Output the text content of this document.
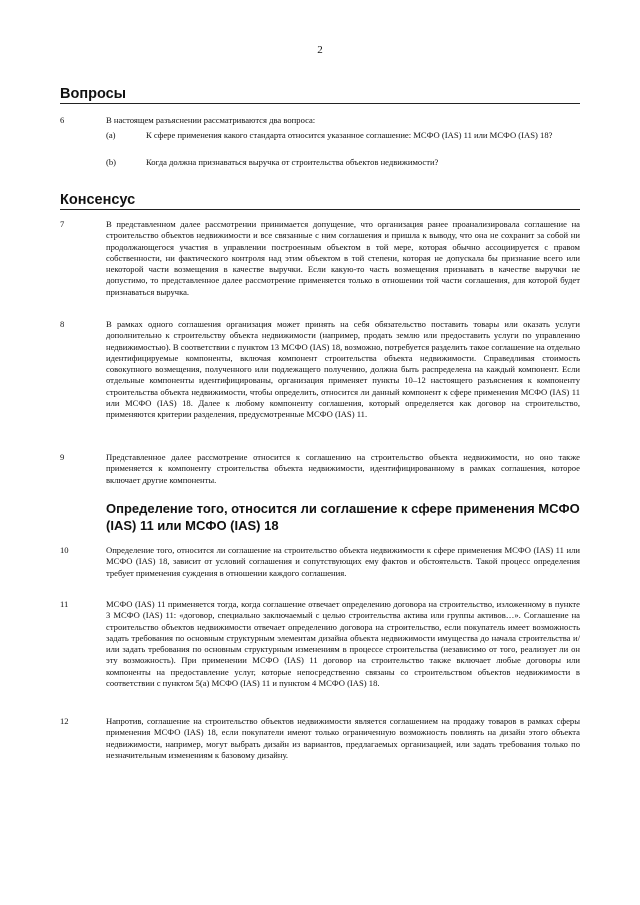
2
Вопросы
6	В настоящем разъяснении рассматриваются два вопроса:
(a)	К сфере применения какого стандарта относится указанное соглашение: МСФО (IAS) 11 или МСФО (IAS) 18?
(b)	Когда должна признаваться выручка от строительства объектов недвижимости?
Консенсус
7	В представленном далее рассмотрении принимается допущение, что организация ранее проанализировала соглашение на строительство объектов недвижимости и все связанные с ним соглашения и пришла к выводу, что она не сохранит за собой ни продолжающегося участия в управлении построенным объектом в той мере, которая обычно ассоциируется с правом собственности, ни фактического контроля над этим объектом в той степени, которая не допускала бы признание всего или некоторой части возмещения в качестве выручки. Если какую-то часть возмещения признавать в качестве выручки не допустимо, то представленное далее рассмотрение применяется только в отношении той части соглашения, для которой будет признаваться выручка.
8	В рамках одного соглашения организация может принять на себя обязательство поставить товары или оказать услуги дополнительно к строительству объекта недвижимости (например, продать землю или предоставить услуги по управлению недвижимостью). В соответствии с пунктом 13 МСФО (IAS) 18, возможно, потребуется разделить такое соглашение на отдельно идентифицируемые компоненты, включая компонент строительства объекта недвижимости. Справедливая стоимость совокупного возмещения, полученного или подлежащего получению, должна быть распределена на каждый компонент. Если отдельные компоненты идентифицированы, организация применяет пункты 10–12 настоящего разъяснения к компоненту строительства объекта недвижимости, чтобы определить, относится ли данный компонент к сфере применения МСФО (IAS) 11 или МСФО (IAS) 18. Далее к любому компоненту соглашения, который определяется как договор на строительство, применяются критерии разделения, предусмотренные МСФО (IAS) 11.
9	Представленное далее рассмотрение относится к соглашению на строительство объекта недвижимости, но оно также применяется к компоненту строительства объекта недвижимости, идентифицированному в рамках соглашения, которое включает другие компоненты.
Определение того, относится ли соглашение к сфере применения МСФО (IAS) 11 или МСФО (IAS) 18
10	Определение того, относится ли соглашение на строительство объекта недвижимости к сфере применения МСФО (IAS) 11 или МСФО (IAS) 18, зависит от условий соглашения и сопутствующих ему фактов и обстоятельств. Такой процесс определения требует применения суждения в отношении каждого соглашения.
11	МСФО (IAS) 11 применяется тогда, когда соглашение отвечает определению договора на строительство, изложенному в пункте 3 МСФО (IAS) 11: «договор, специально заключаемый с целью строительства актива или группы активов…». Соглашение на строительство объектов недвижимости отвечает определению договора на строительство, если покупатель имеет возможность задать требования по основным структурным элементам дизайна объекта недвижимости имущества до начала строительства и/или задать требования по основным структурным изменениям в процессе строительства (независимо от того, реализует ли он эту возможность). При применении МСФО (IAS) 11 договор на строительство также включает любые договоры или компоненты на предоставление услуг, которые непосредственно связаны со строительством объектов недвижимости в соответствии с пунктом 5(a) МСФО (IAS) 11 и пунктом 4 МСФО (IAS) 18.
12	Напротив, соглашение на строительство объектов недвижимости является соглашением на продажу товаров в рамках сферы применения МСФО (IAS) 18, если покупатели имеют только ограниченную возможность повлиять на дизайн этого объекта недвижимости, например, могут выбрать дизайн из вариантов, предлагаемых организацией, или задать требования только по незначительным изменениям к базовому дизайну.
